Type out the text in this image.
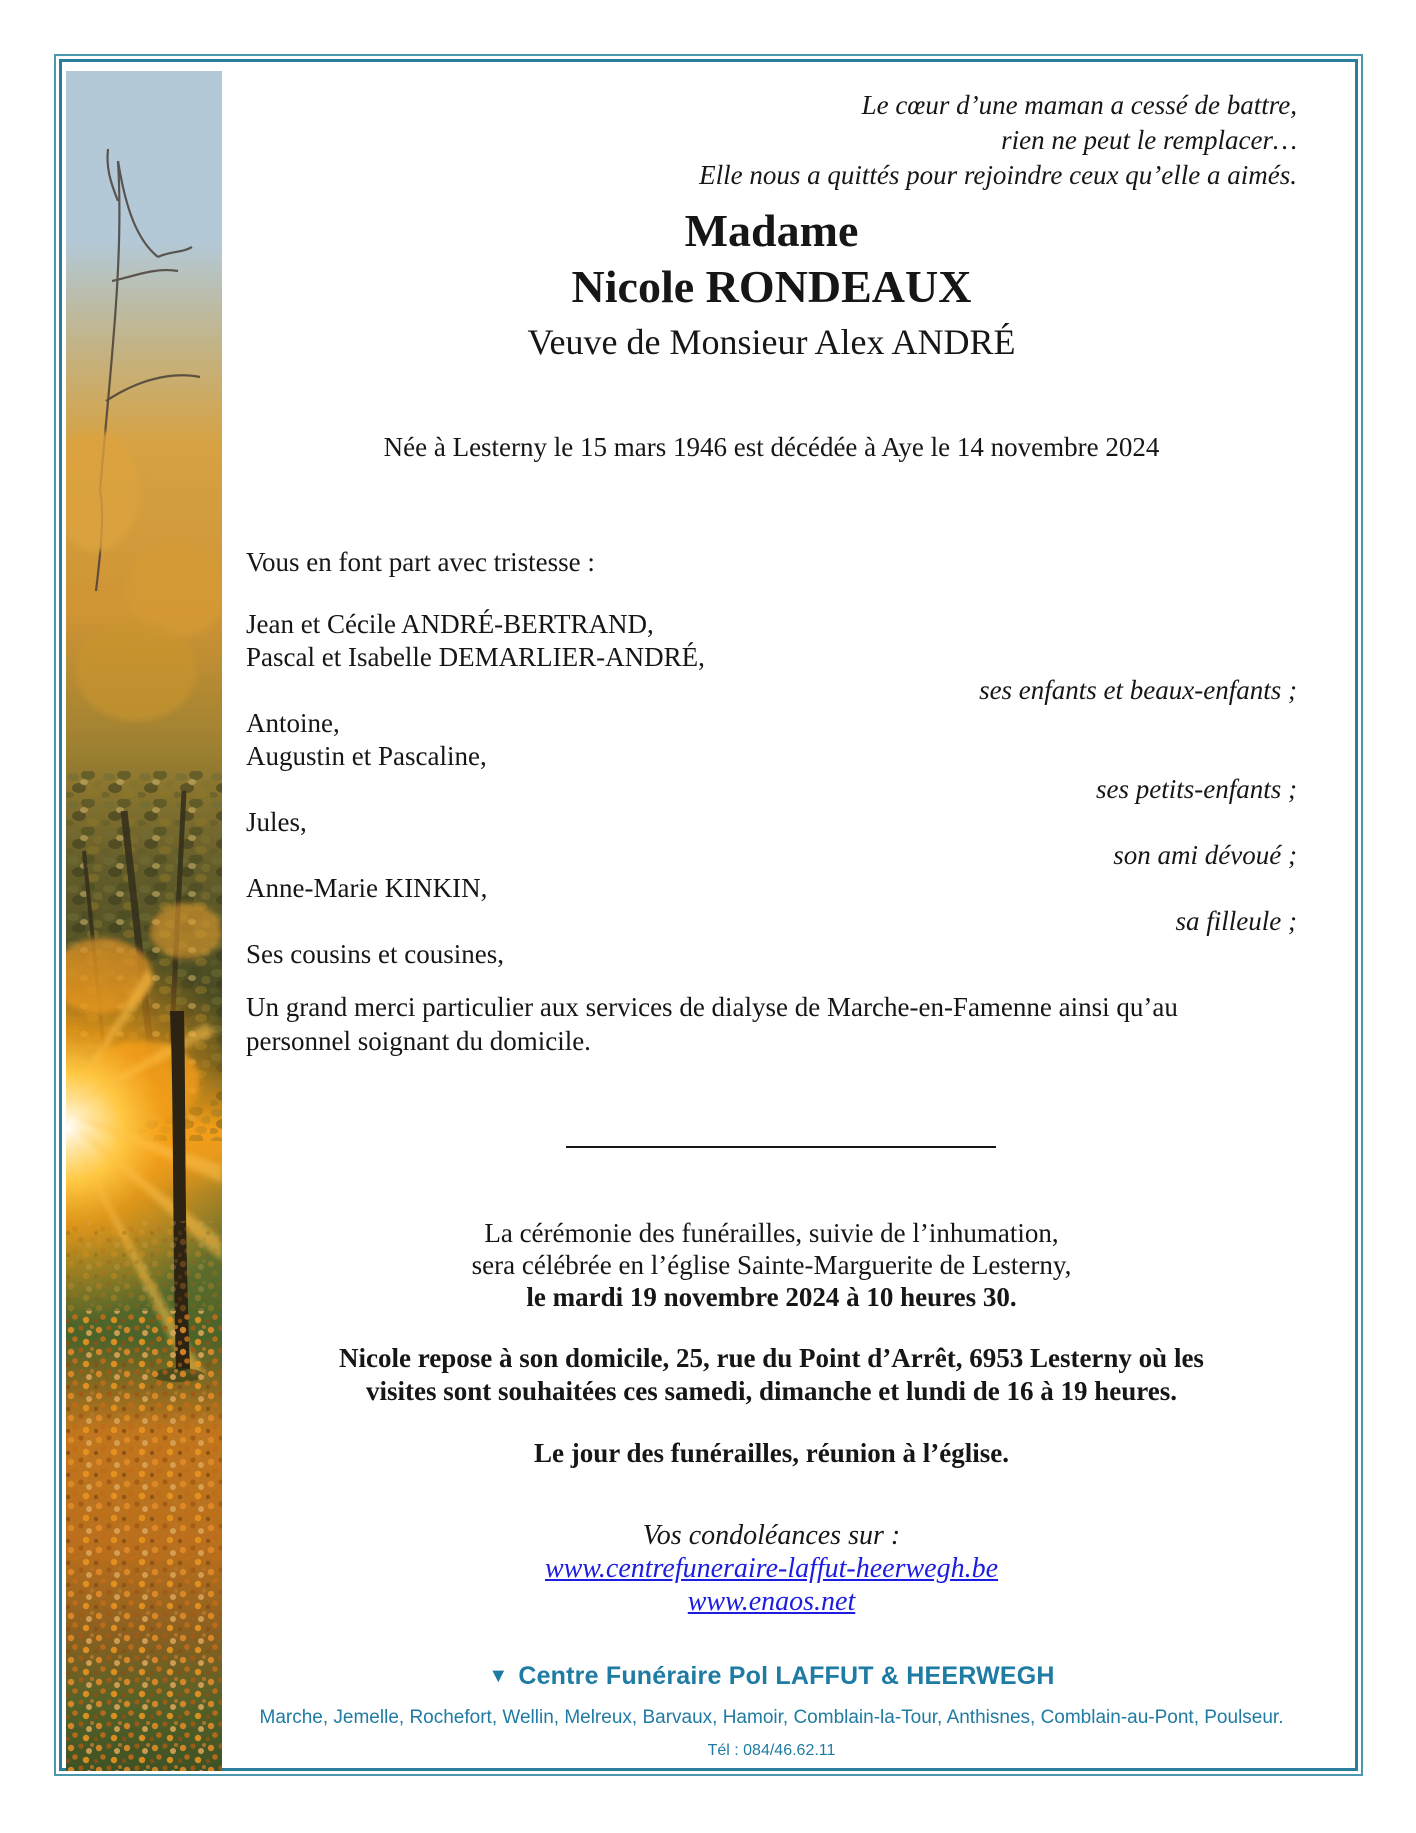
Le cœur d’une maman a cessé de battre,
rien ne peut le remplacer…
Elle nous a quittés pour rejoindre ceux qu’elle a aimés.
Madame
Nicole RONDEAUX
Veuve de Monsieur Alex ANDRÉ
Née à Lesterny le 15 mars 1946 est décédée à Aye le 14 novembre 2024
Vous en font part avec tristesse :
Jean et Cécile ANDRÉ-BERTRAND,
Pascal et Isabelle DEMARLIER-ANDRÉ,
ses enfants et beaux-enfants ;
Antoine,
Augustin et Pascaline,
ses petits-enfants ;
Jules,
son ami dévoué ;
Anne-Marie KINKIN,
sa filleule ;
Ses cousins et cousines,
Un grand merci particulier aux services de dialyse de Marche-en-Famenne ainsi qu’au
personnel soignant du domicile.
La cérémonie des funérailles, suivie de l’inhumation,
sera célébrée en l’église Sainte-Marguerite de Lesterny,
le mardi 19 novembre 2024 à 10 heures 30.
Nicole repose à son domicile, 25, rue du Point d’Arrêt, 6953 Lesterny où les
visites sont souhaitées ces samedi, dimanche et lundi de 16 à 19 heures.
Le jour des funérailles, réunion à l’église.
Vos condoléances sur :
www.centrefuneraire-laffut-heerwegh.be
www.enaos.net
▼ Centre Funéraire Pol LAFFUT & HEERWEGH
Marche, Jemelle, Rochefort, Wellin, Melreux, Barvaux, Hamoir, Comblain-la-Tour, Anthisnes, Comblain-au-Pont, Poulseur.
Tél : 084/46.62.11
